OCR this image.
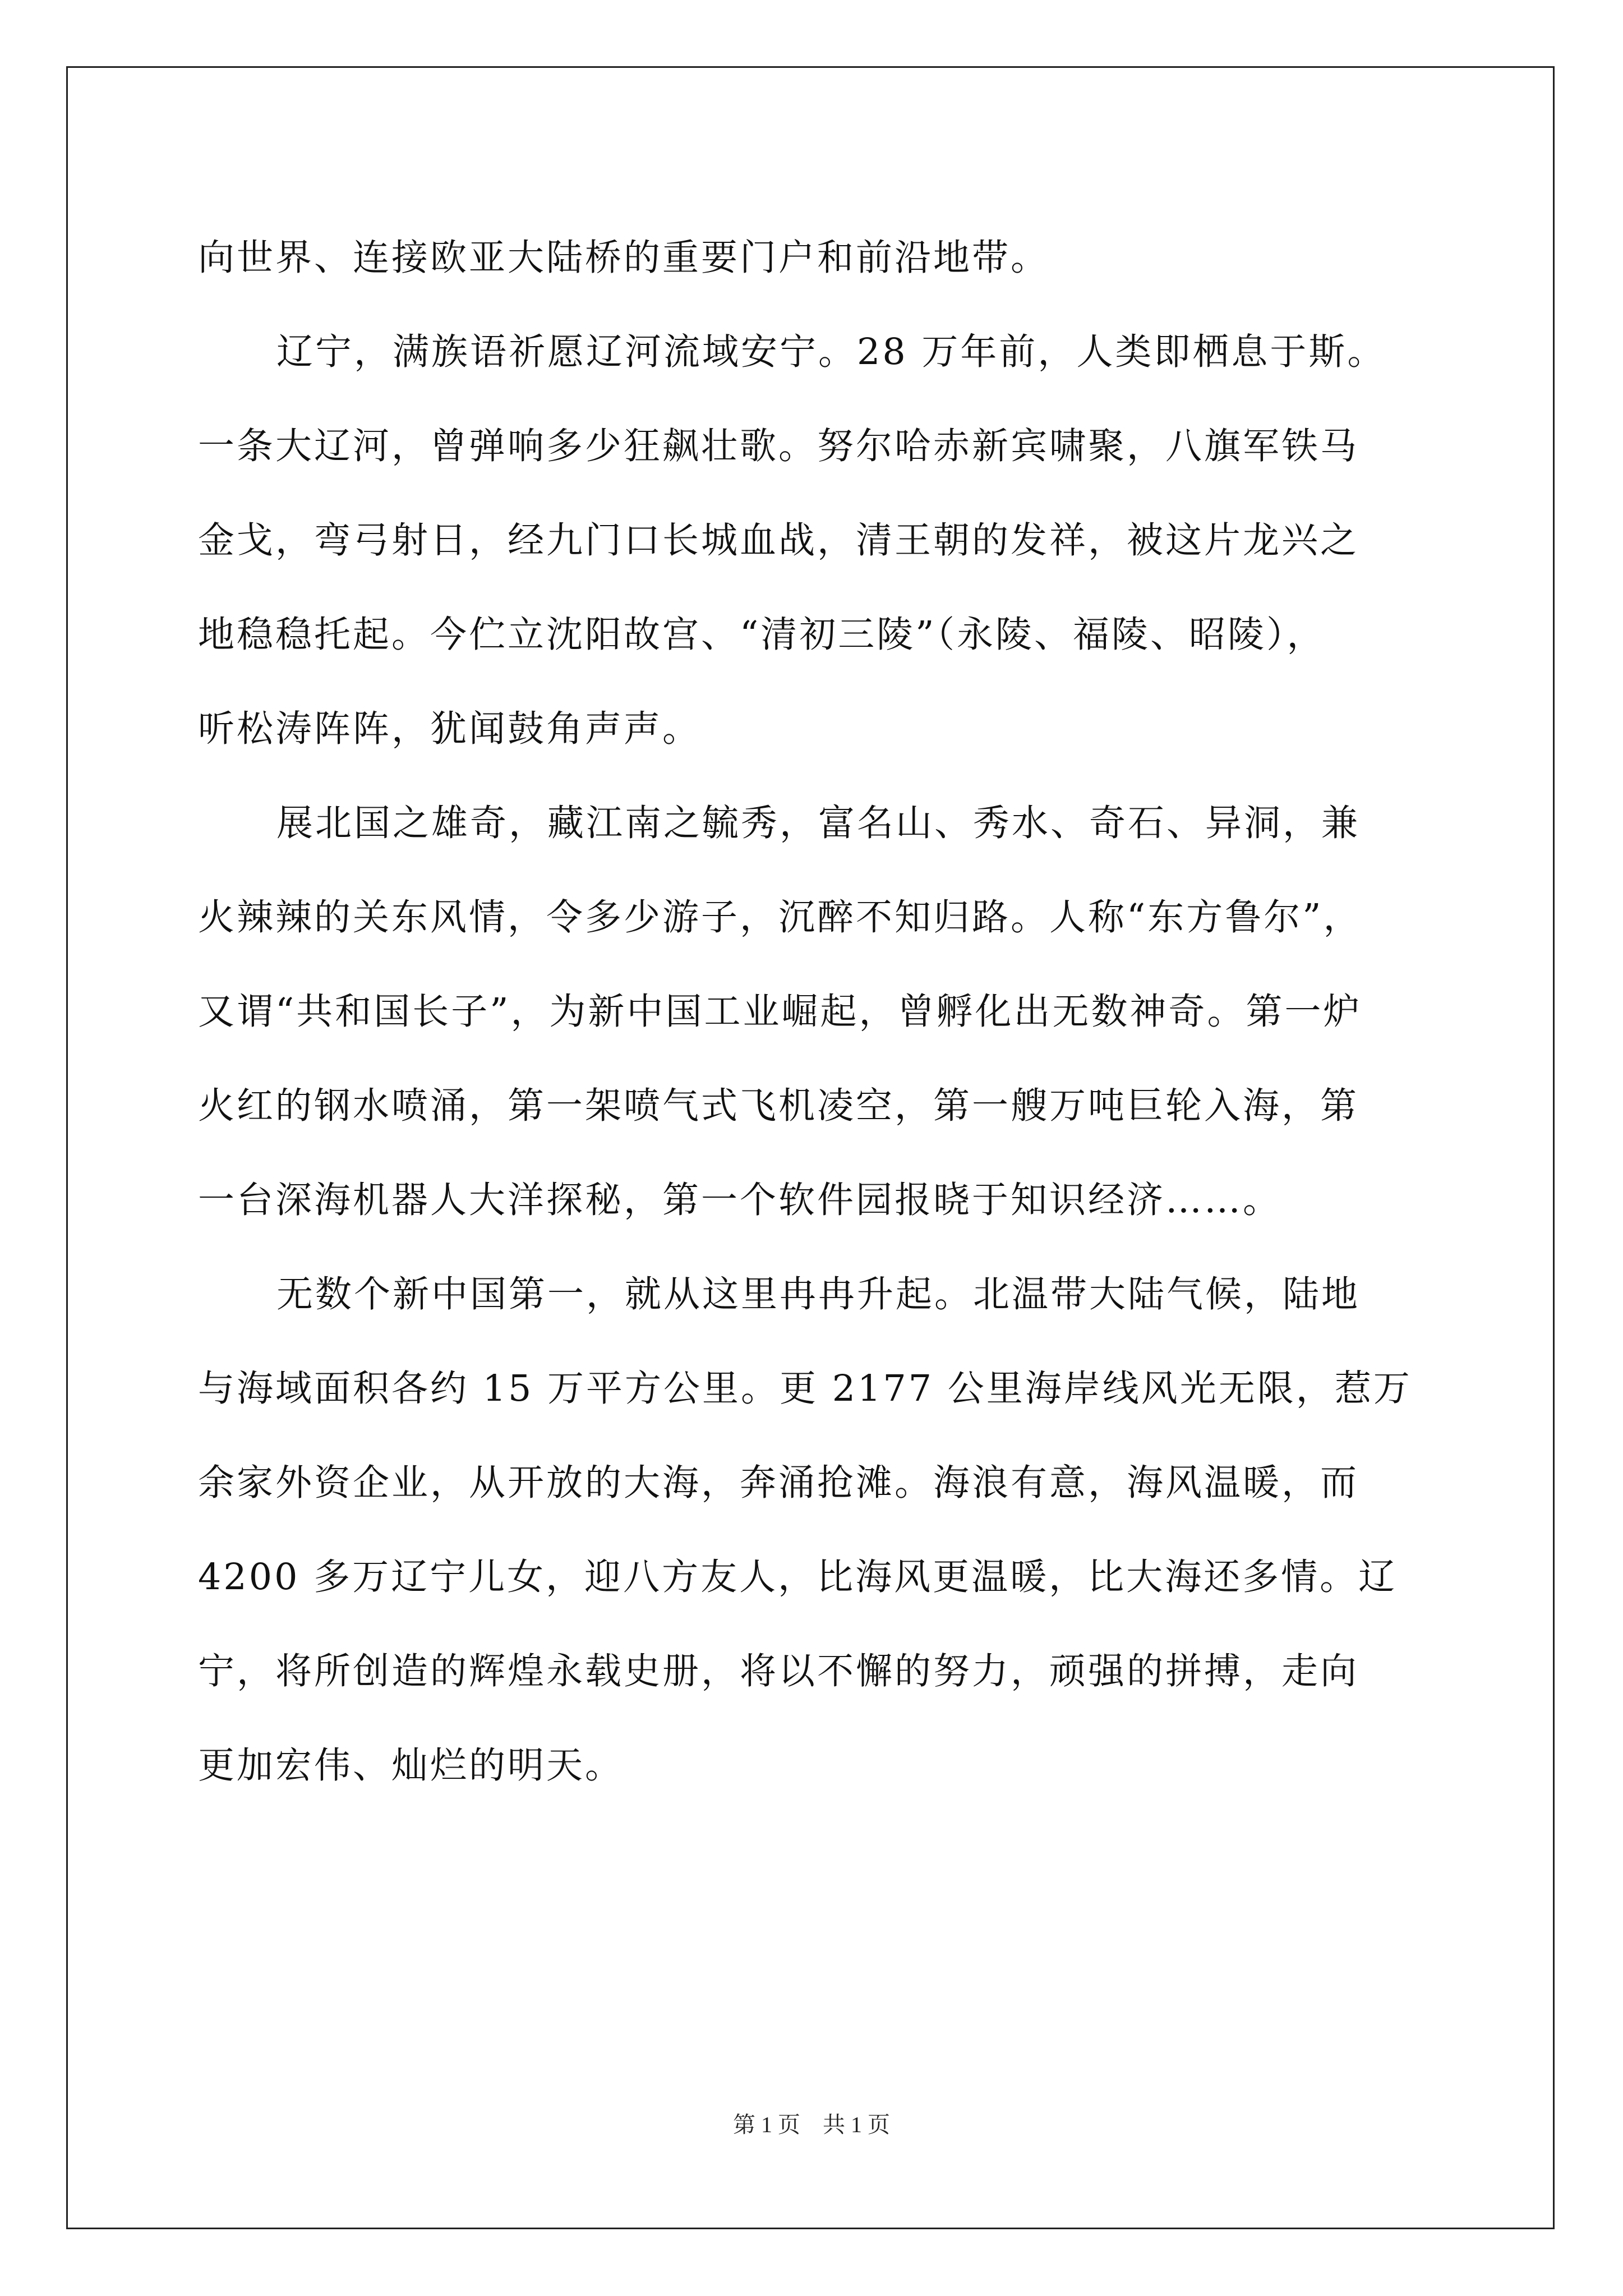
向世界、连接欧亚大陆桥的重要门户和前沿地带。
辽宁，满族语祈愿辽河流域安宁。28 万年前，人类即栖息于斯。
一条大辽河，曾弹响多少狂飙壮歌。努尔哈赤新宾啸聚，八旗军铁马
金戈，弯弓射日，经九门口长城血战，清王朝的发祥，被这片龙兴之
地稳稳托起。今伫立沈阳故宫、“清初三陵”（永陵、福陵、昭陵），
听松涛阵阵，犹闻鼓角声声。
展北国之雄奇，藏江南之毓秀，富名山、秀水、奇石、异洞，兼
火辣辣的关东风情，令多少游子，沉醉不知归路。人称“东方鲁尔”，
又谓“共和国长子”，为新中国工业崛起，曾孵化出无数神奇。第一炉
火红的钢水喷涌，第一架喷气式飞机凌空，第一艘万吨巨轮入海，第
一台深海机器人大洋探秘，第一个软件园报晓于知识经济……。
无数个新中国第一，就从这里冉冉升起。北温带大陆气候，陆地
与海域面积各约 15 万平方公里。更 2177 公里海岸线风光无限，惹万
余家外资企业，从开放的大海，奔涌抢滩。海浪有意，海风温暖，而
4200 多万辽宁儿女，迎八方友人，比海风更温暖，比大海还多情。辽
宁，将所创造的辉煌永载史册，将以不懈的努力，顽强的拼搏，走向
更加宏伟、灿烂的明天。
第 1 页　共 1 页
